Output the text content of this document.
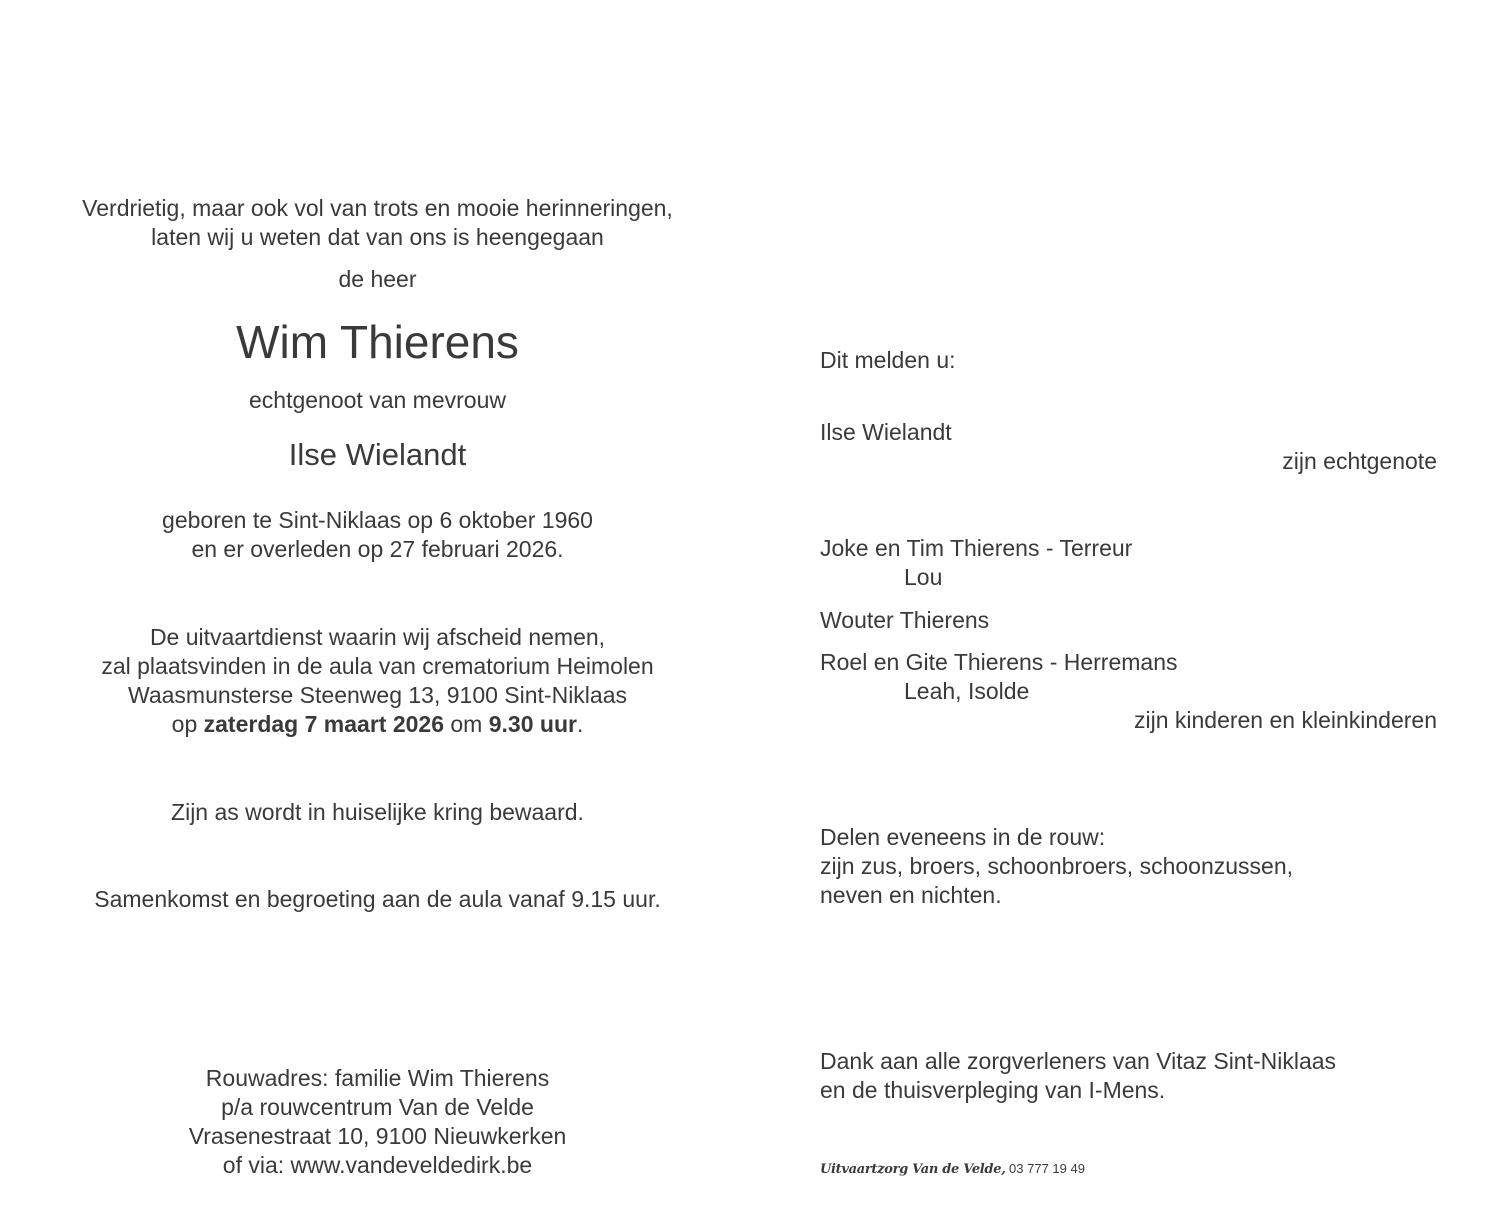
Verdrietig, maar ook vol van trots en mooie herinneringen,
laten wij u weten dat van ons is heengegaan
de heer
Wim Thierens
echtgenoot van mevrouw
Ilse Wielandt
geboren te Sint-Niklaas op 6 oktober 1960
en er overleden op 27 februari 2026.
De uitvaartdienst waarin wij afscheid nemen,
zal plaatsvinden in de aula van crematorium Heimolen
Waasmunsterse Steenweg 13, 9100 Sint-Niklaas
op zaterdag 7 maart 2026 om 9.30 uur.
Zijn as wordt in huiselijke kring bewaard.
Samenkomst en begroeting aan de aula vanaf 9.15 uur.
Rouwadres: familie Wim Thierens
p/a rouwcentrum Van de Velde
Vrasenestraat 10, 9100 Nieuwkerken
of via: www.vandeveldedirk.be
Dit melden u:
Ilse Wielandt
zijn echtgenote
Joke en Tim Thierens - Terreur
Lou
Wouter Thierens
Roel en Gite Thierens - Herremans
Leah, Isolde
zijn kinderen en kleinkinderen
Delen eveneens in de rouw:
zijn zus, broers, schoonbroers, schoonzussen,
neven en nichten.
Dank aan alle zorgverleners van Vitaz Sint-Niklaas
en de thuisverpleging van I-Mens.
Uitvaartzorg Van de Velde, 03 777 19 49
